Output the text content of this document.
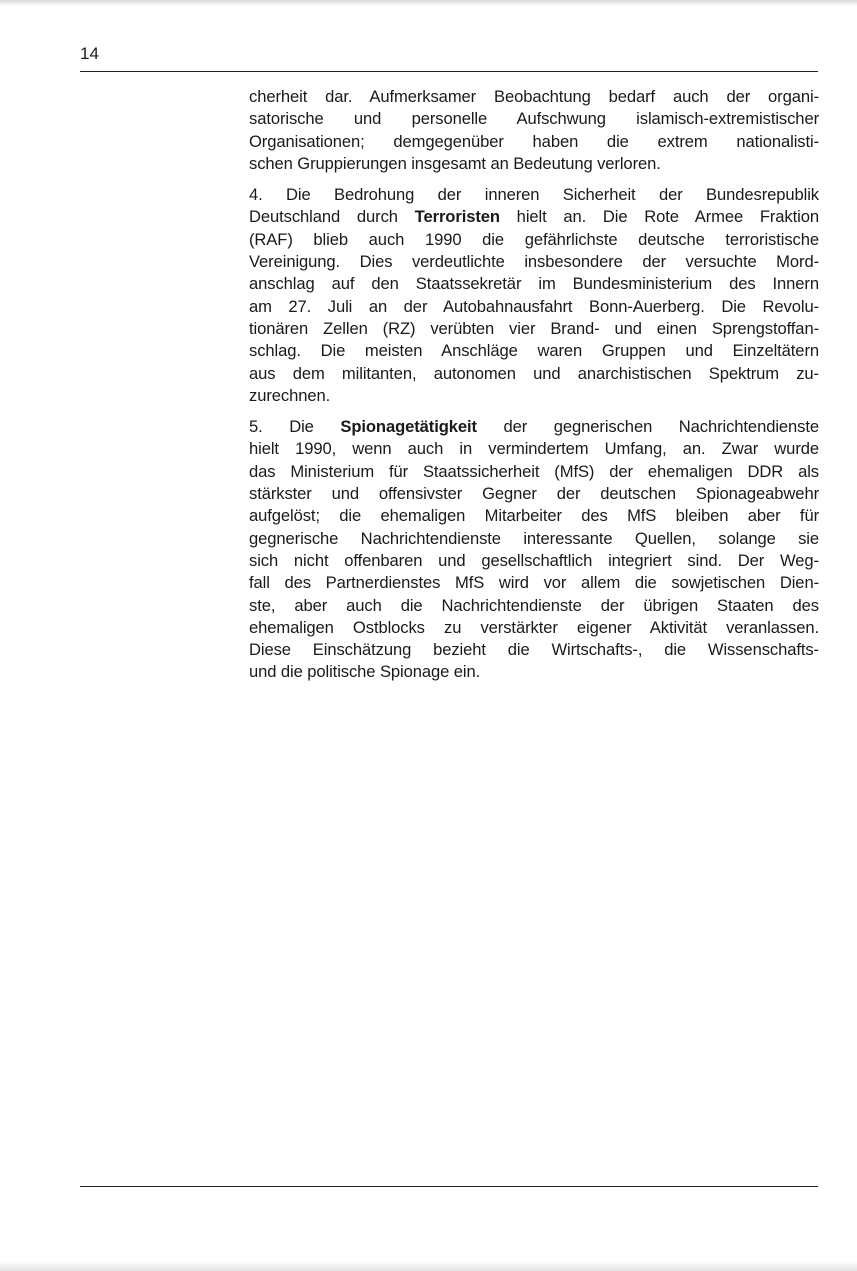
14

cherheit dar. Aufmerksamer Beobachtung bedarf auch der organi-
satorische und personelle Aufschwung islamisch-extremistischer
Organisationen; demgegenüber haben die extrem nationalisti-
schen Gruppierungen insgesamt an Bedeutung verloren.

4. Die Bedrohung der inneren Sicherheit der Bundesrepublik
Deutschland durch Terroristen hielt an. Die Rote Armee Fraktion
(RAF) blieb auch 1990 die gefährlichste deutsche terroristische
Vereinigung. Dies verdeutlichte insbesondere der versuchte Mord-
anschlag auf den Staatssekretär im Bundesministerium des Innern
am 27. Juli an der Autobahnausfahrt Bonn-Auerberg. Die Revolu-
tionären Zellen (RZ) verübten vier Brand- und einen Sprengstoffan-
schlag. Die meisten Anschläge waren Gruppen und Einzeltätern
aus dem militanten, autonomen und anarchistischen Spektrum zu-
zurechnen.

5. Die Spionagetätigkeit der gegnerischen Nachrichtendienste
hielt 1990, wenn auch in vermindertem Umfang, an. Zwar wurde
das Ministerium für Staatssicherheit (MfS) der ehemaligen DDR als
stärkster und offensivster Gegner der deutschen Spionageabwehr
aufgelöst; die ehemaligen Mitarbeiter des MfS bleiben aber für
gegnerische Nachrichtendienste interessante Quellen, solange sie
sich nicht offenbaren und gesellschaftlich integriert sind. Der Weg-
fall des Partnerdienstes MfS wird vor allem die sowjetischen Dien-
ste, aber auch die Nachrichtendienste der übrigen Staaten des
ehemaligen Ostblocks zu verstärkter eigener Aktivität veranlassen.
Diese Einschätzung bezieht die Wirtschafts-, die Wissenschafts-
und die politische Spionage ein.
